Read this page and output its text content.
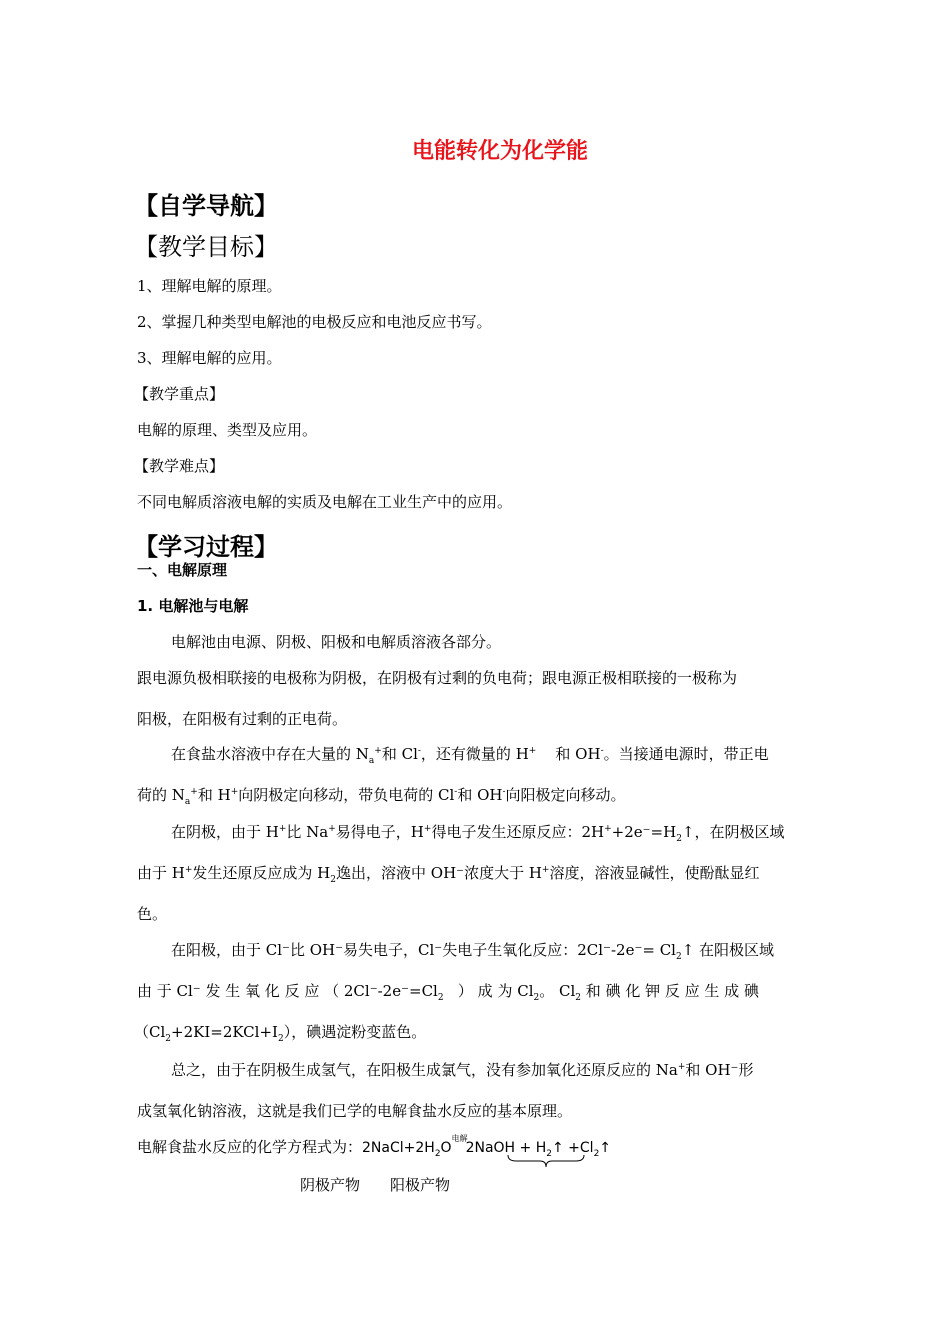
电能转化为化学能
【自学导航】
【教学目标】
1、理解电解的原理。
2、掌握几种类型电解池的电极反应和电池反应书写。
3、理解电解的应用。
【教学重点】
电解的原理、类型及应用。
【教学难点】
不同电解质溶液电解的实质及电解在工业生产中的应用。
【学习过程】
一、电解原理
1. 电解池与电解
电解池由电源、阴极、阳极和电解质溶液各部分。
跟电源负极相联接的电极称为阴极，在阴极有过剩的负电荷；跟电源正极相联接的一极称为
阳极，在阳极有过剩的正电荷。
在食盐水溶液中存在大量的 $N_a^+$和 Cl-，还有微量的 H+ 和 OH-。当接通电源时，带正电
荷的 $N_a^+$和 H+向阴极定向移动，带负电荷的 Cl-和 OH-向阳极定向移动。
在阴极，由于 H+比 Na+易得电子，H+得电子发生还原反应：$2H^++2e^-=H_2↑$，在阴极区域
由于 H+发生还原反应成为 $H_2$逸出，溶液中 OH⁻浓度大于 H+溶度，溶液显碱性，使酚酞显红
色。
在阳极，由于 Cl⁻比 OH⁻易失电子，Cl⁻失电子生氧化反应：$2Cl^--2e^-= Cl_2↑$ 在阳极区域
由 于 Cl⁻ 发 生 氧 化 反 应 （ $2Cl^--2e^-=Cl_2$ ） 成 为 $Cl_2$。 $Cl_2$ 和 碘 化 钾 反 应 生 成 碘
$(Cl_2+2KI=2KCl+I_2)$，碘遇淀粉变蓝色。
总之，由于在阴极生成氢气，在阳极生成氯气，没有参加氧化还原反应的 Na+和 OH⁻形
成氢氧化钠溶液，这就是我们已学的电解食盐水反应的基本原理。
电解食盐水反应的化学方程式为：$2NaCl+2H_2O$
电解
2NaOH + $H_2↑$ $+Cl_2↑$
阴极产物 阳极产物
